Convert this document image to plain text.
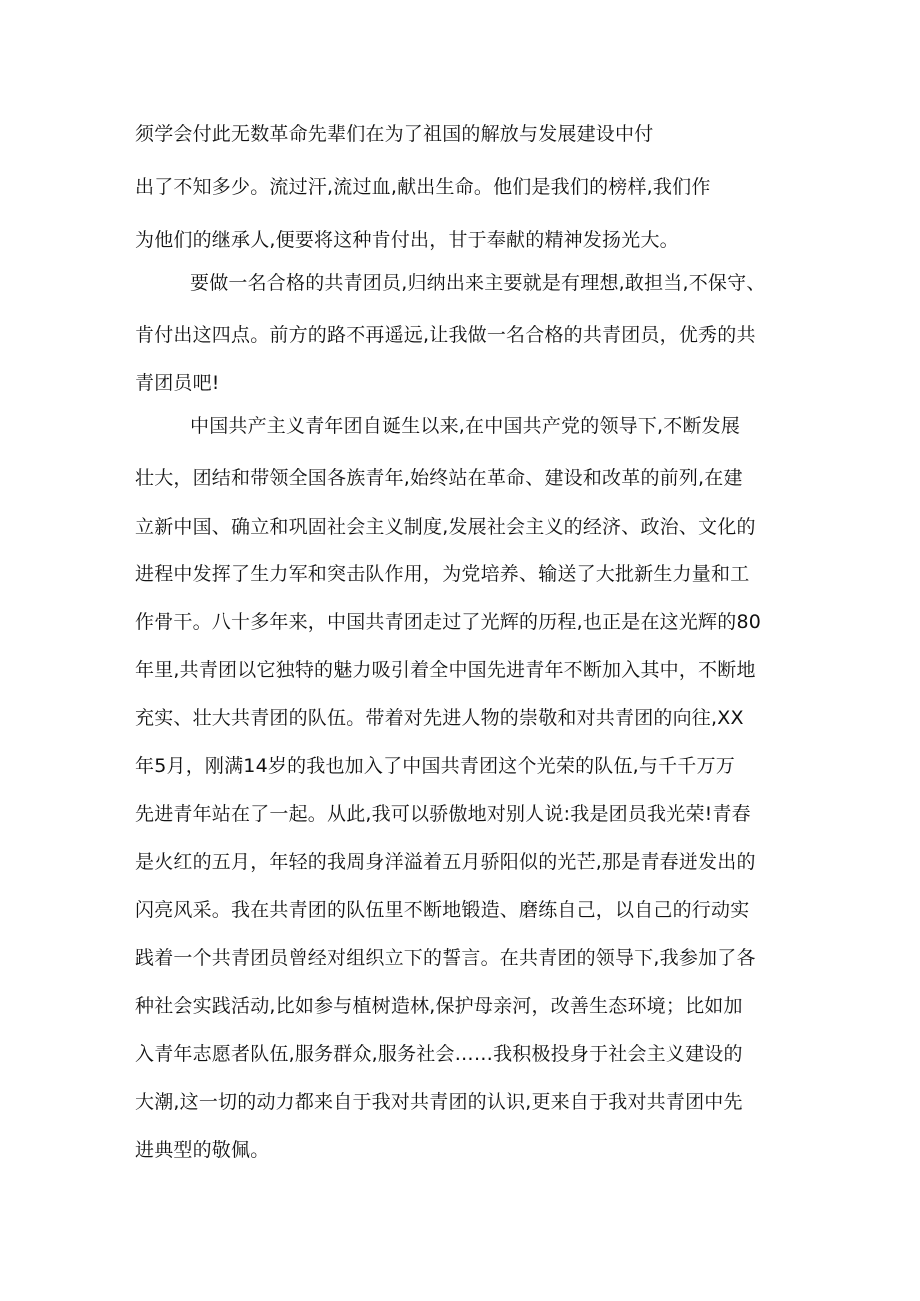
须学会付此无数革命先辈们在为了祖国的解放与发展建设中付
出了不知多少。流过汗,流过血,献出生命。他们是我们的榜样,我们作
为他们的继承人,便要将这种肯付出，甘于奉献的精神发扬光大。
要做一名合格的共青团员,归纳出来主要就是有理想,敢担当,不保守、
肯付出这四点。前方的路不再遥远,让我做一名合格的共青团员，优秀的共
青团员吧!
中国共产主义青年团自诞生以来,在中国共产党的领导下,不断发展
壮大，团结和带领全国各族青年,始终站在革命、建设和改革的前列,在建
立新中国、确立和巩固社会主义制度,发展社会主义的经济、政治、文化的
进程中发挥了生力军和突击队作用，为党培养、输送了大批新生力量和工
作骨干。八十多年来，中国共青团走过了光辉的历程,也正是在这光辉的80
年里,共青团以它独特的魅力吸引着全中国先进青年不断加入其中，不断地
充实、壮大共青团的队伍。带着对先进人物的崇敬和对共青团的向往,XX
年5月，刚满14岁的我也加入了中国共青团这个光荣的队伍,与千千万万
先进青年站在了一起。从此,我可以骄傲地对别人说:我是团员我光荣!青春
是火红的五月，年轻的我周身洋溢着五月骄阳似的光芒,那是青春迸发出的
闪亮风采。我在共青团的队伍里不断地锻造、磨练自己，以自己的行动实
践着一个共青团员曾经对组织立下的誓言。在共青团的领导下,我参加了各
种社会实践活动,比如参与植树造林,保护母亲河，改善生态环境；比如加
入青年志愿者队伍,服务群众,服务社会……我积极投身于社会主义建设的
大潮,这一切的动力都来自于我对共青团的认识,更来自于我对共青团中先
进典型的敬佩。
